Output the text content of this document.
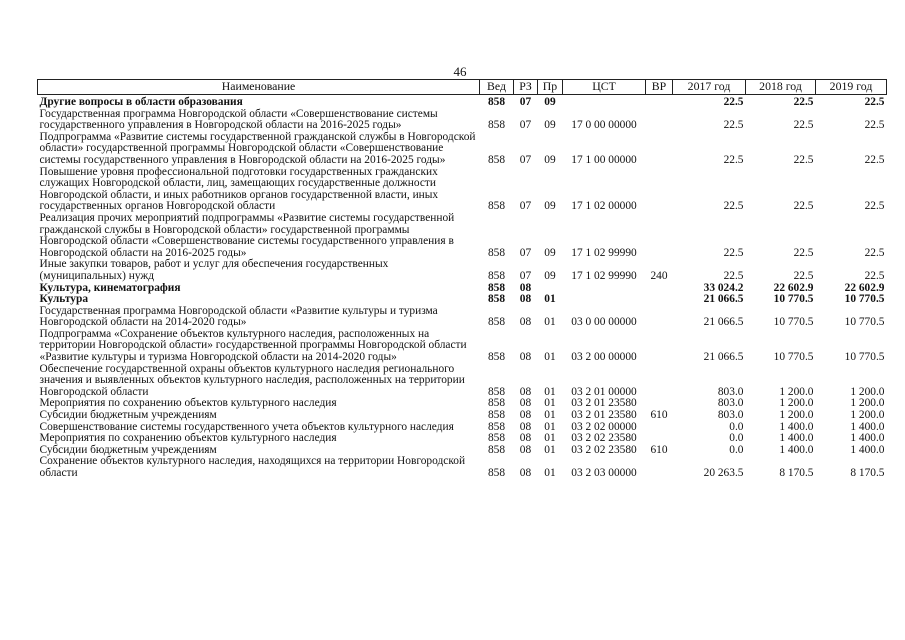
46
Наименование	Вед	РЗ	Пр	ЦСТ	ВР	2017 год	2018 год	2019 год
Другие вопросы в области образования	858	07	09			22.5	22.5	22.5
Государственная программа Новгородской области «Совершенствование системы государственного управления в Новгородской области на 2016-2025 годы»	858	07	09	17 0 00 00000		22.5	22.5	22.5
Подпрограмма «Развитие системы государственной гражданской службы в Новгородской области» государственной программы Новгородской области «Совершенствование системы государственного управления в Новгородской области на 2016-2025 годы»	858	07	09	17 1 00 00000		22.5	22.5	22.5
Повышение уровня профессиональной подготовки государственных гражданских служащих Новгородской области, лиц, замещающих государственные должности Новгородской области, и иных работников органов государственной власти, иных государственных органов Новгородской области	858	07	09	17 1 02 00000		22.5	22.5	22.5
Реализация прочих мероприятий подпрограммы «Развитие системы государственной гражданской службы в Новгородской области» государственной программы Новгородской области «Совершенствование системы государственного управления в Новгородской области на 2016-2025 годы»	858	07	09	17 1 02 99990		22.5	22.5	22.5
Иные закупки товаров, работ и услуг для обеспечения государственных (муниципальных) нужд	858	07	09	17 1 02 99990	240	22.5	22.5	22.5
Культура, кинематография	858	08				33 024.2	22 602.9	22 602.9
Культура	858	08	01			21 066.5	10 770.5	10 770.5
Государственная программа Новгородской области «Развитие культуры и туризма Новгородской области на 2014-2020 годы»	858	08	01	03 0 00 00000		21 066.5	10 770.5	10 770.5
Подпрограмма «Сохранение объектов культурного наследия, расположенных на территории Новгородской области» государственной программы Новгородской области «Развитие культуры и туризма Новгородской области на 2014-2020 годы»	858	08	01	03 2 00 00000		21 066.5	10 770.5	10 770.5
Обеспечение государственной охраны объектов культурного наследия регионального значения и выявленных объектов культурного наследия, расположенных на территории Новгородской области	858	08	01	03 2 01 00000		803.0	1 200.0	1 200.0
Мероприятия по сохранению объектов культурного наследия	858	08	01	03 2 01 23580		803.0	1 200.0	1 200.0
Субсидии бюджетным учреждениям	858	08	01	03 2 01 23580	610	803.0	1 200.0	1 200.0
Совершенствование системы государственного учета объектов культурного наследия	858	08	01	03 2 02 00000		0.0	1 400.0	1 400.0
Мероприятия по сохранению объектов культурного наследия	858	08	01	03 2 02 23580		0.0	1 400.0	1 400.0
Субсидии бюджетным учреждениям	858	08	01	03 2 02 23580	610	0.0	1 400.0	1 400.0
Сохранение объектов культурного наследия, находящихся на территории Новгородской области	858	08	01	03 2 03 00000		20 263.5	8 170.5	8 170.5
